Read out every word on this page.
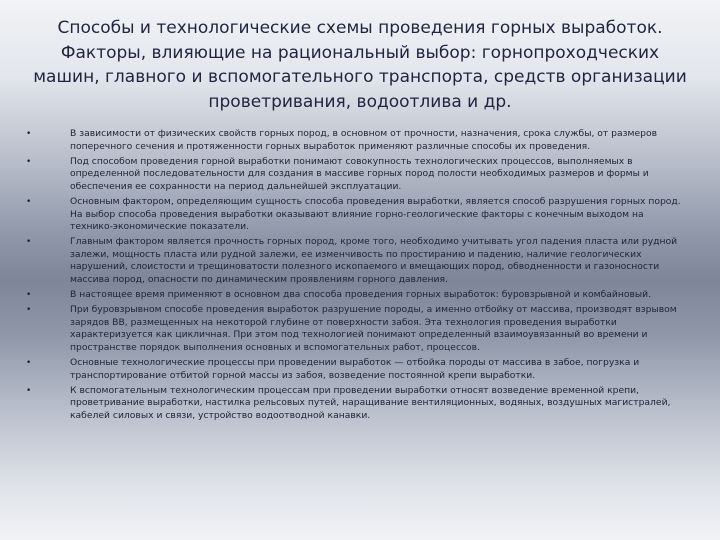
Способы и технологические схемы проведения горных выработок.
Факторы, влияющие на рациональный выбор: горнопроходческих
машин, главного и вспомогательного транспорта, средств организации
проветривания, водоотлива и др.
•	В зависимости от физических свойств горных пород, в основном от прочности, назначения, срока службы, от размеров поперечного сечения и протяженности горных выработок применяют различные способы их проведения.
•	Под способом проведения горной выработки понимают совокупность технологических процессов, выполняемых в определенной последовательности для создания в массиве горных пород полости необходимых размеров и формы и обеспечения ее сохранности на период дальнейшей эксплуатации.
•	Основным фактором, определяющим сущность способа проведения выработки, является способ разрушения горных пород. На выбор способа проведения выработки оказывают влияние горно-геологические факторы с конечным выходом на технико-экономические показатели.
•	Главным фактором является прочность горных пород, кроме того, необходимо учитывать угол падения пласта или рудной залежи, мощность пласта или рудной залежи, ее изменчивость по простиранию и падению, наличие геологических нарушений, слоистости и трещиноватости полезного ископаемого и вмещающих пород, обводненности и газоносности массива пород, опасности по динамическим проявлениям горного давления.
•	В настоящее время применяют в основном два способа проведения горных выработок: буровзрывной и комбайновый.
•	При буровзрывном способе проведения выработок разрушение породы, а именно отбойку от массива, производят взрывом зарядов ВВ, размещенных на некоторой глубине от поверхности забоя. Эта технология проведения выработки характеризуется как цикличная. При этом под технологией понимают определенный взаимоувязанный во времени и пространстве порядок выполнения основных и вспомогательных работ, процессов.
•	Основные технологические процессы при проведении выработок — отбойка породы от массива в забое, погрузка и транспортирование отбитой горной массы из забоя, возведение постоянной крепи выработки.
•	К вспомогательным технологическим процессам при проведении выработки относят возведение временной крепи, проветривание выработки, настилка рельсовых путей, наращивание вентиляционных, водяных, воздушных магистралей, кабелей силовых и связи, устройство водоотводной канавки.
